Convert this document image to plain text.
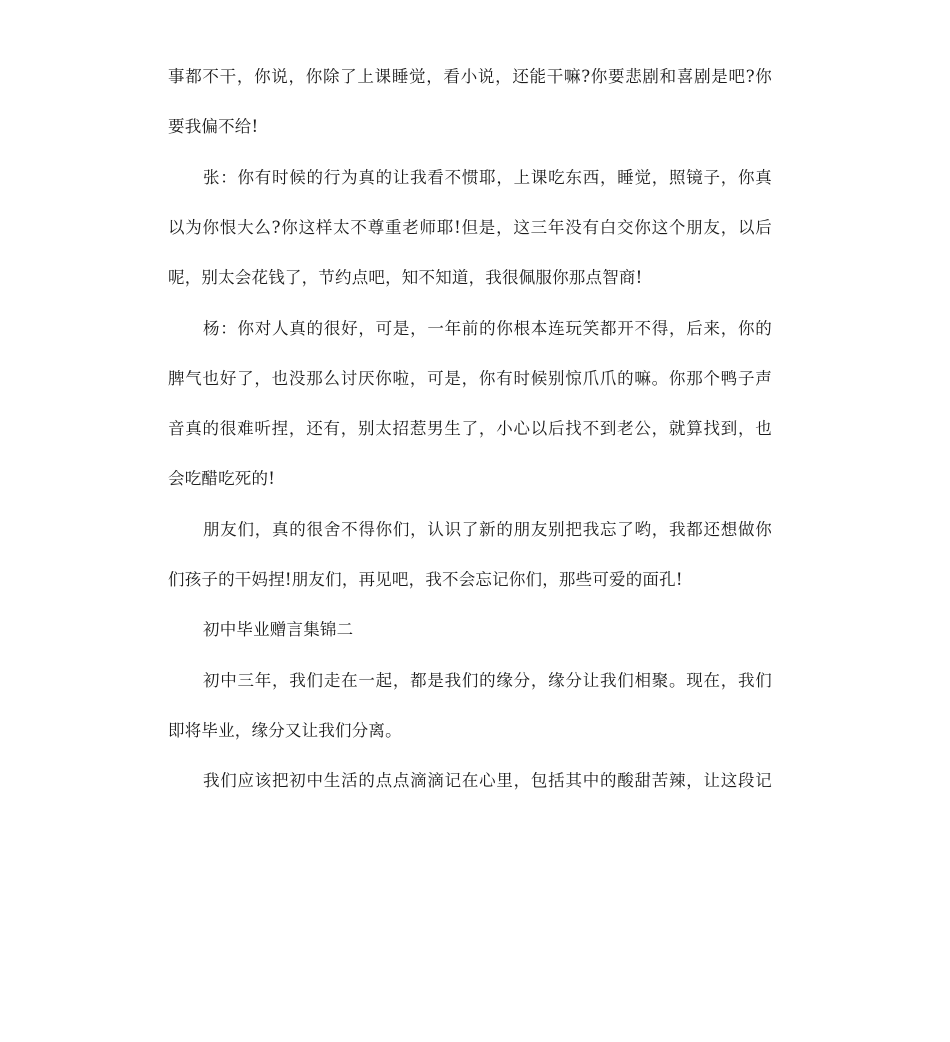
事都不干，你说，你除了上课睡觉，看小说，还能干嘛?你要悲剧和喜剧是吧?你
要我偏不给!
张：你有时候的行为真的让我看不惯耶，上课吃东西，睡觉，照镜子，你真
以为你恨大么?你这样太不尊重老师耶!但是，这三年没有白交你这个朋友，以后
呢，别太会花钱了，节约点吧，知不知道，我很佩服你那点智商!
杨：你对人真的很好，可是，一年前的你根本连玩笑都开不得，后来，你的
脾气也好了，也没那么讨厌你啦，可是，你有时候别惊爪爪的嘛。你那个鸭子声
音真的很难听捏，还有，别太招惹男生了，小心以后找不到老公，就算找到，也
会吃醋吃死的!
朋友们，真的很舍不得你们，认识了新的朋友别把我忘了哟，我都还想做你
们孩子的干妈捏!朋友们，再见吧，我不会忘记你们，那些可爱的面孔!
初中毕业赠言集锦二
初中三年，我们走在一起，都是我们的缘分，缘分让我们相聚。现在，我们
即将毕业，缘分又让我们分离。
我们应该把初中生活的点点滴滴记在心里，包括其中的酸甜苦辣，让这段记
